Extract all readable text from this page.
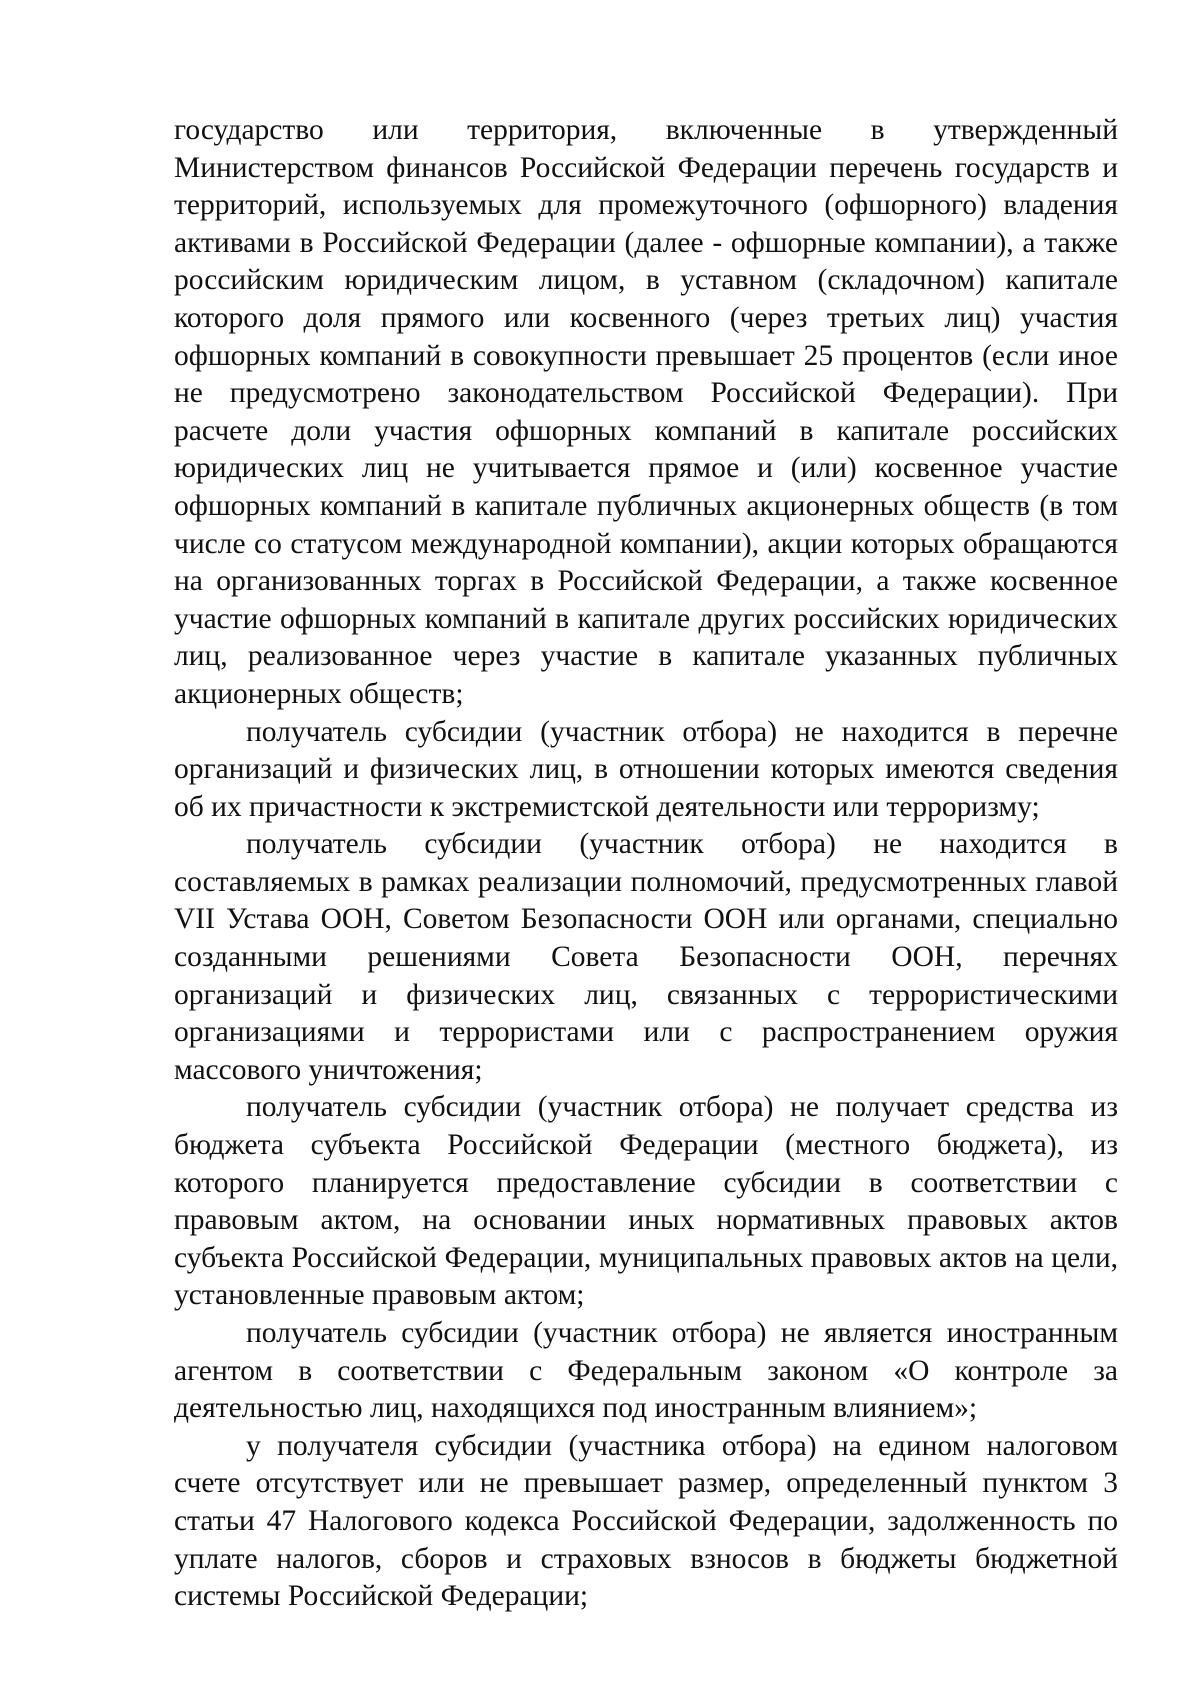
государство или территория, включенные в утвержденный Министерством финансов Российской Федерации перечень государств и территорий, используемых для промежуточного (офшорного) владения активами в Российской Федерации (далее - офшорные компании), а также российским юридическим лицом, в уставном (складочном) капитале которого доля прямого или косвенного (через третьих лиц) участия офшорных компаний в совокупности превышает 25 процентов (если иное не предусмотрено законодательством Российской Федерации). При расчете доли участия офшорных компаний в капитале российских юридических лиц не учитывается прямое и (или) косвенное участие офшорных компаний в капитале публичных акционерных обществ (в том числе со статусом международной компании), акции которых обращаются на организованных торгах в Российской Федерации, а также косвенное участие офшорных компаний в капитале других российских юридических лиц, реализованное через участие в капитале указанных публичных акционерных обществ;

получатель субсидии (участник отбора) не находится в перечне организаций и физических лиц, в отношении которых имеются сведения об их причастности к экстремистской деятельности или терроризму;

получатель субсидии (участник отбора) не находится в составляемых в рамках реализации полномочий, предусмотренных главой VII Устава ООН, Советом Безопасности ООН или органами, специально созданными решениями Совета Безопасности ООН, перечнях организаций и физических лиц, связанных с террористическими организациями и террористами или с распространением оружия массового уничтожения;

получатель субсидии (участник отбора) не получает средства из бюджета субъекта Российской Федерации (местного бюджета), из которого планируется предоставление субсидии в соответствии с правовым актом, на основании иных нормативных правовых актов субъекта Российской Федерации, муниципальных правовых актов на цели, установленные правовым актом;

получатель субсидии (участник отбора) не является иностранным агентом в соответствии с Федеральным законом «О контроле за деятельностью лиц, находящихся под иностранным влиянием»;

у получателя субсидии (участника отбора) на едином налоговом счете отсутствует или не превышает размер, определенный пунктом 3 статьи 47 Налогового кодекса Российской Федерации, задолженность по уплате налогов, сборов и страховых взносов в бюджеты бюджетной системы Российской Федерации;
